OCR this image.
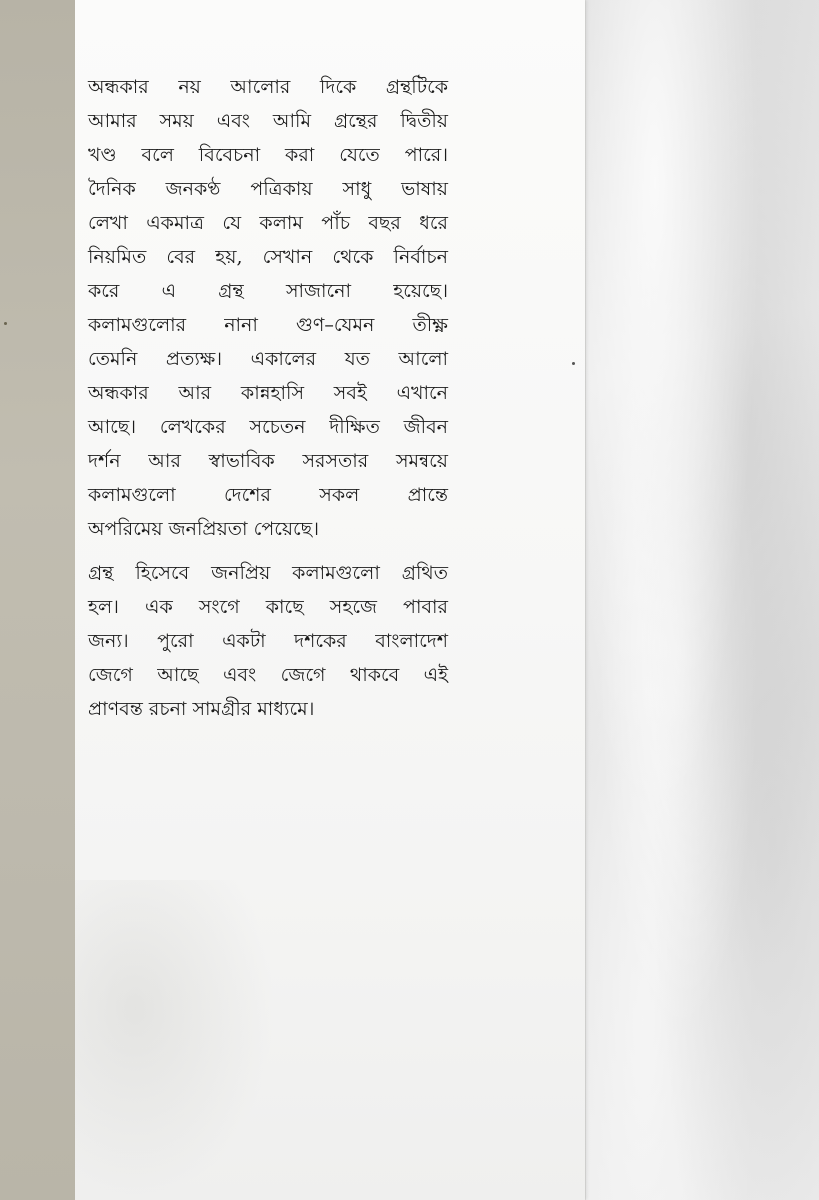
অন্ধকার নয় আলোর দিকে গ্রন্থটিকে
আমার সময় এবং আমি গ্রন্থের দ্বিতীয়
খণ্ড বলে বিবেচনা করা যেতে পারে।
দৈনিক জনকণ্ঠ পত্রিকায় সাধু ভাষায়
লেখা একমাত্র যে কলাম পাঁচ বছর ধরে
নিয়মিত বের হয়, সেখান থেকে নির্বাচন
করে এ গ্রন্থ সাজানো হয়েছে।
কলামগুলোর নানা গুণ–যেমন তীক্ষ্ণ
তেমনি প্রত্যক্ষ। একালের যত আলো
অন্ধকার আর কান্নহাসি সবই এখানে
আছে। লেখকের সচেতন দীক্ষিত জীবন
দর্শন আর স্বাভাবিক সরসতার সমন্বয়ে
কলামগুলো দেশের সকল প্রান্তে
অপরিমেয় জনপ্রিয়তা পেয়েছে।
গ্রন্থ হিসেবে জনপ্রিয় কলামগুলো গ্রথিত
হল। এক সংগে কাছে সহজে পাবার
জন্য। পুরো একটা দশকের বাংলাদেশ
জেগে আছে এবং জেগে থাকবে এই
প্রাণবন্ত রচনা সামগ্রীর মাধ্যমে।
